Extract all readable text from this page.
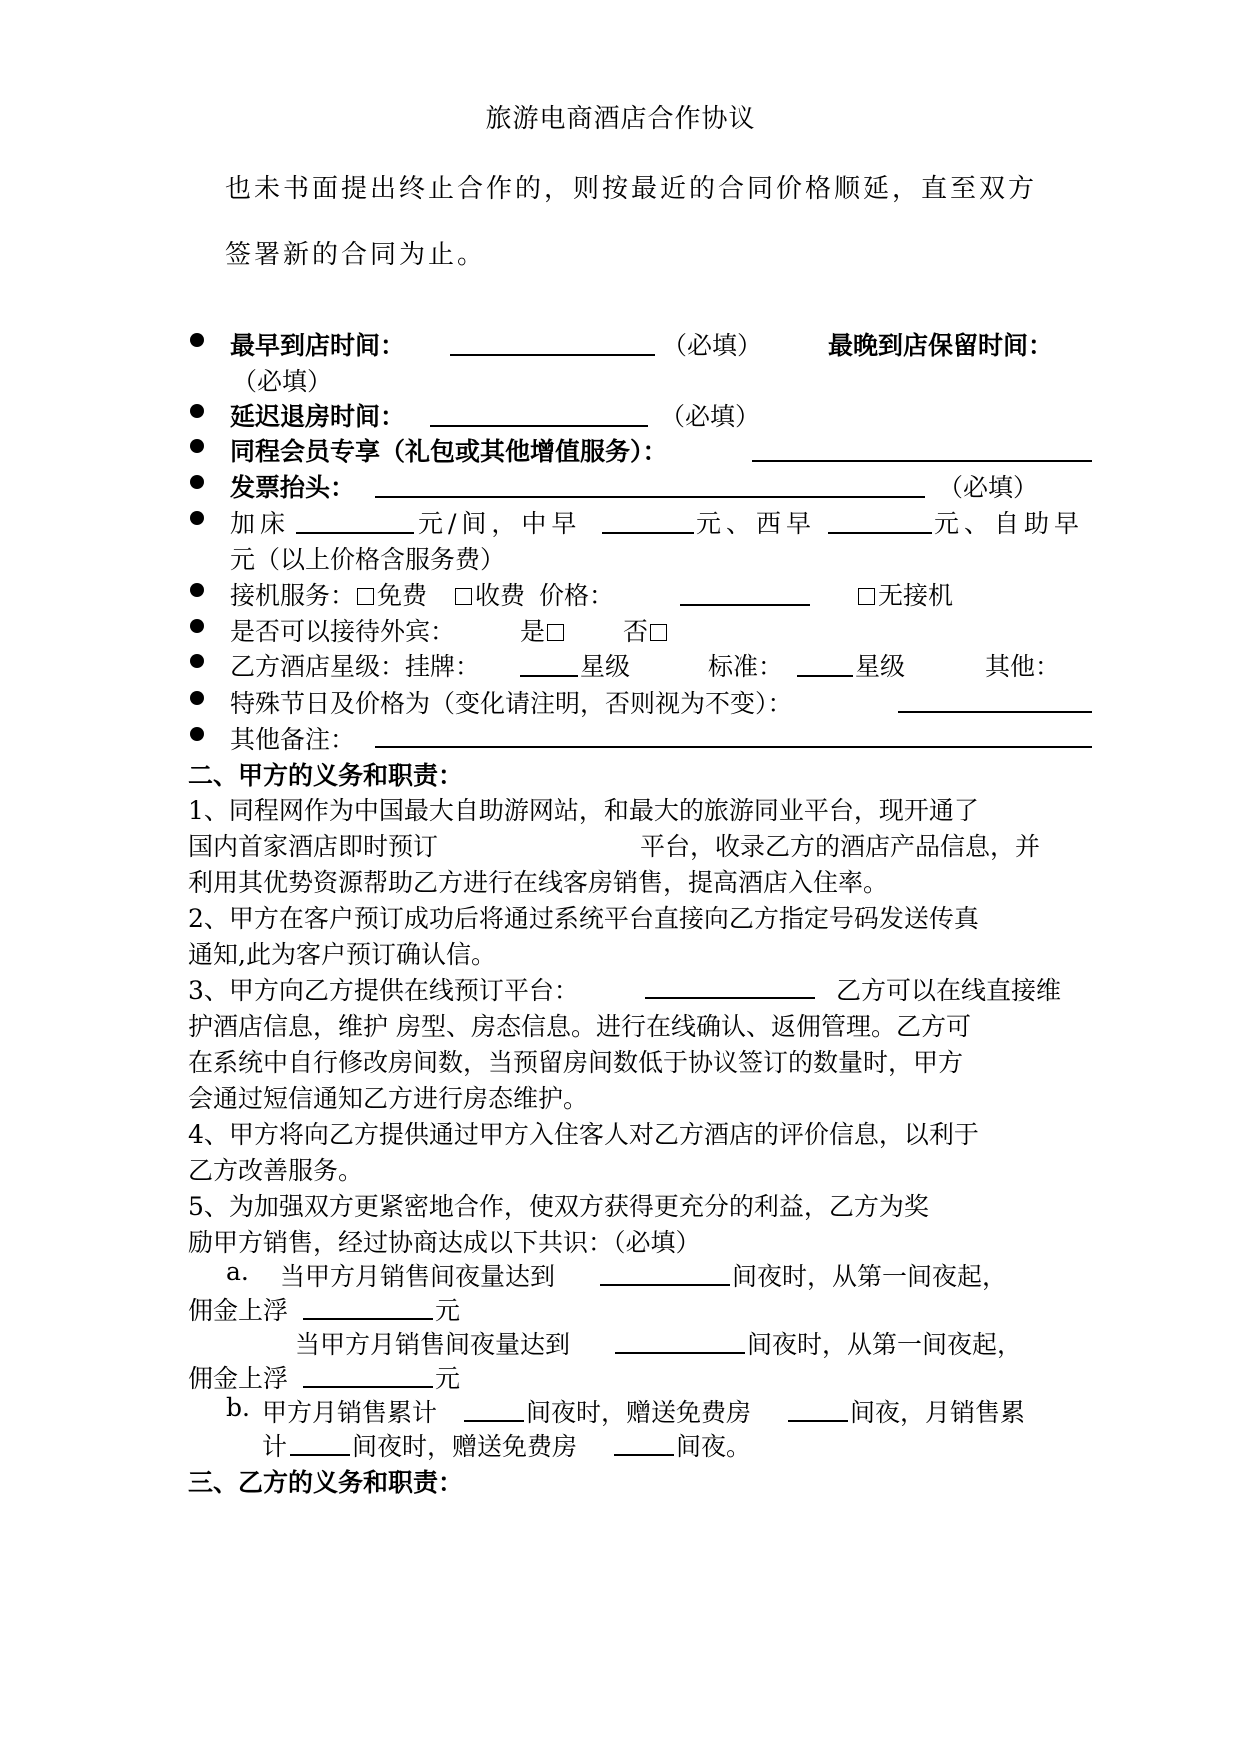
旅游电商酒店合作协议
也未书面提出终止合作的，则按最近的合同价格顺延，直至双方
签署新的合同为止。
最早到店时间：	（必填）	最晚到店保留时间：
（必填）
延迟退房时间：	（必填）
同程会员专享（礼包或其他增值服务）：
发票抬头：	（必填）
加床	元/间，中早	元、西早	元、自助早
元（以上价格含服务费）
接机服务： 免费 收费 价格：	无接机
是否可以接待外宾：	是	否
乙方酒店星级：挂牌：	星级	标准：	星级	其他：
特殊节日及价格为（变化请注明，否则视为不变）：
其他备注：
二、甲方的义务和职责：
1、同程网作为中国最大自助游网站，和最大的旅游同业平台，现开通了
国内首家酒店即时预订	平台，收录乙方的酒店产品信息，并
利用其优势资源帮助乙方进行在线客房销售，提高酒店入住率。
2、甲方在客户预订成功后将通过系统平台直接向乙方指定号码发送传真
通知,此为客户预订确认信。
3、甲方向乙方提供在线预订平台：	乙方可以在线直接维
护酒店信息，维护 房型、房态信息。进行在线确认、返佣管理。乙方可
在系统中自行修改房间数，当预留房间数低于协议签订的数量时，甲方
会通过短信通知乙方进行房态维护。
4、甲方将向乙方提供通过甲方入住客人对乙方酒店的评价信息，以利于
乙方改善服务。
5、为加强双方更紧密地合作，使双方获得更充分的利益，乙方为奖
励甲方销售，经过协商达成以下共识：（必填）
a. 当甲方月销售间夜量达到	间夜时，从第一间夜起，
佣金上浮	元
当甲方月销售间夜量达到	间夜时，从第一间夜起，
佣金上浮	元
b. 甲方月销售累计	间夜时，赠送免费房	间夜，月销售累
计	间夜时，赠送免费房	间夜。
三、乙方的义务和职责：
